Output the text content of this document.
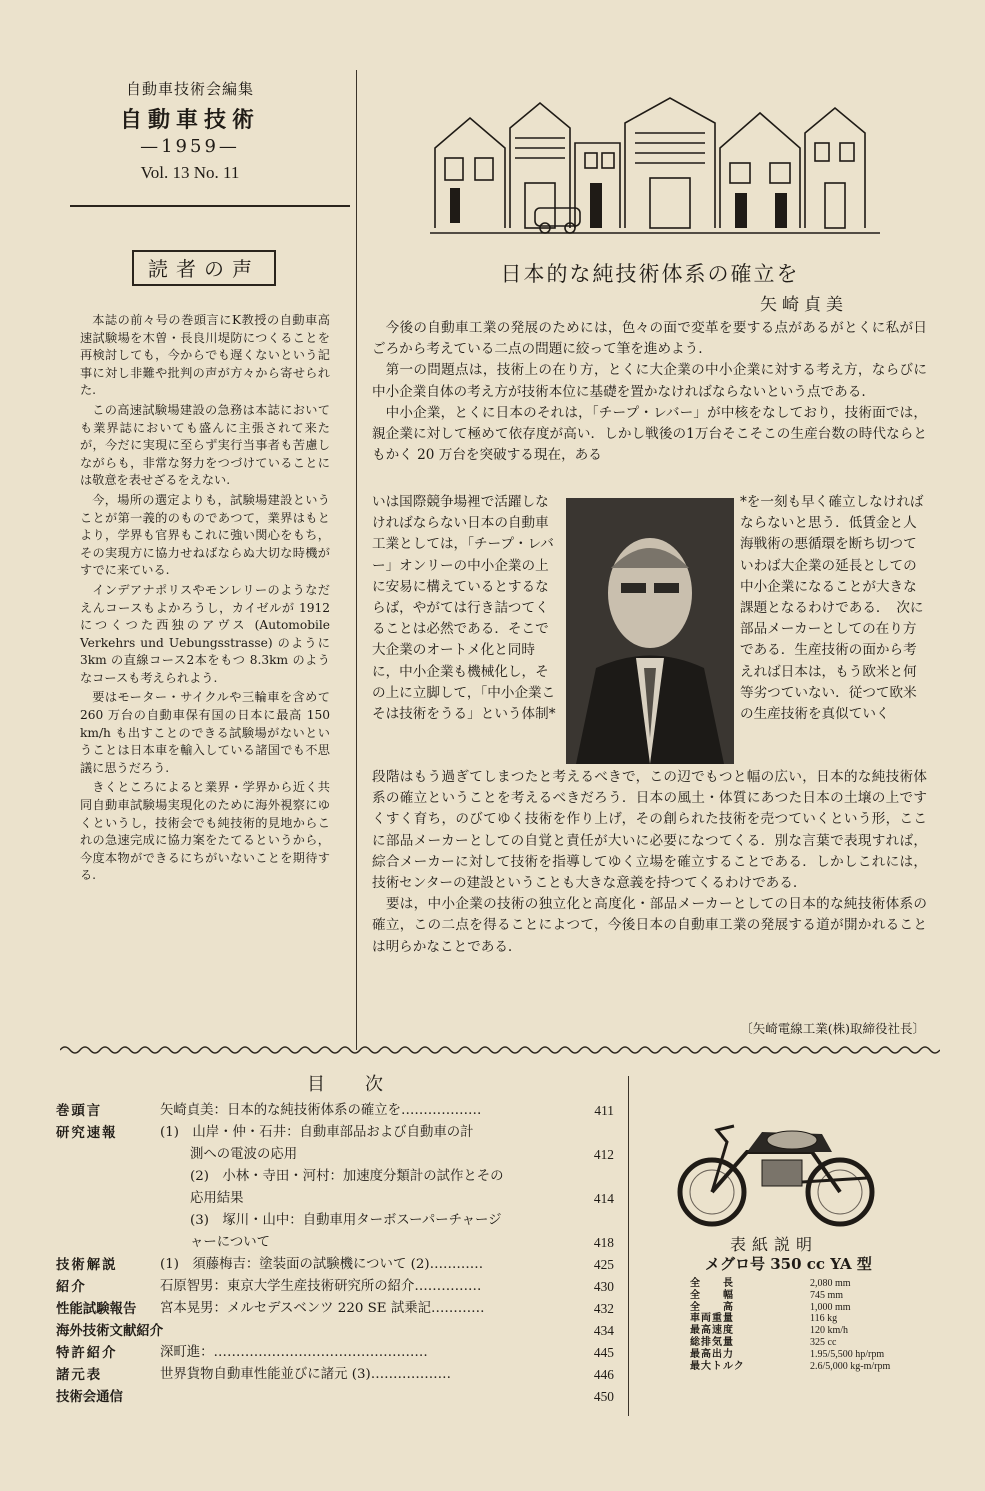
自動車技術会編集
自動車技術
—1959—
Vol. 13 No. 11
読者の声

本誌の前々号の巻頭言にK教授の自動車高速試験場を木曽・長良川堤防につくることを再検討しても，今からでも遅くないという記事に対し非難や批判の声が方々から寄せられた.

この高速試験場建設の急務は本誌においても業界誌においても盛んに主張されて来たが，今だに実現に至らず実行当事者も苦慮しながらも，非常な努力をつづけていることには敬意を表せざるをえない.

今，場所の選定よりも，試験場建設ということが第一義的のものであつて，業界はもとより，学界も官界もこれに強い関心をもち，その実現方に協力せねばならぬ大切な時機がすでに来ている.

インデアナポリスやモンレリーのようなだえんコースもよかろうし，カイゼルが 1912 につくつた西独のアヴス (Automobile Verkehrs und Uebungsstrasse) のように 3km の直線コース2本をもつ 8.3km のようなコースも考えられよう.

要はモーター・サイクルや三輪車を含めて 260 万台の自動車保有国の日本に最高 150 km/h も出すことのできる試験場がないということは日本車を輸入している諸国でも不思議に思うだろう.

きくところによると業界・学界から近く共同自動車試験場実現化のために海外視察にゆくというし，技術会でも純技術的見地からこれの急速完成に協力案をたてるというから，今度本物ができるにちがいないことを期待する.

日本的な純技術体系の確立を
矢崎貞美

今後の自動車工業の発展のためには，色々の面で変革を要する点があるがとくに私が日ごろから考えている二点の問題に絞って筆を進めよう.

第一の問題点は，技術上の在り方，とくに大企業の中小企業に対する考え方，ならびに中小企業自体の考え方が技術本位に基礎を置かなければならないという点である.

中小企業，とくに日本のそれは，「チープ・レバー」が中核をなしており，技術面では，親企業に対して極めて依存度が高い．しかし戦後の1万台そこそこの生産台数の時代ならともかく 20 万台を突破する現在，ある

いは国際競争場裡で活躍しなければならない日本の自動車工業としては，「チープ・レバー」オンリーの中小企業の上に安易に構えているとするならば，やがては行き詰つてくることは必然である．そこで大企業のオートメ化と同時に，中小企業も機械化し，その上に立脚して，「中小企業こそは技術をうる」という体制*
*を一刻も早く確立しなければならないと思う．低賃金と人海戦術の悪循環を断ち切つていわば大企業の延長としての中小企業になることが大きな課題となるわけである．　次に部品メーカーとしての在り方である．生産技術の面から考えれば日本は，もう欧米と何等劣つていない．従つて欧米の生産技術を真似ていく

段階はもう過ぎてしまつたと考えるべきで，この辺でもつと幅の広い，日本的な純技術体系の確立ということを考えるべきだろう．日本の風土・体質にあつた日本の土壌の上ですくすく育ち，のびてゆく技術を作り上げ，その創られた技術を売つていくという形，ここに部品メーカーとしての自覚と責任が大いに必要になつてくる．別な言葉で表現すれば，綜合メーカーに対して技術を指導してゆく立場を確立することである．しかしこれには，技術センターの建設ということも大きな意義を持つてくるわけである.

　要は，中小企業の技術の独立化と高度化・部品メーカーとしての日本的な純技術体系の確立，この二点を得ることによつて，今後日本の自動車工業の発展する道が開かれることは明らかなことである.

〔矢崎電線工業(株)取締役社長〕
目次
巻頭言	矢崎貞美：日本的な純技術体系の確立を………………	411
研究速報	(1)　山岸・仲・石井：自動車部品および自動車の計
測への電波の応用	412
(2)　小林・寺田・河村：加速度分類計の試作とその
応用結果	414
(3)　塚川・山中：自動車用ターボスーパーチャージ
ャーについて	418
技術解説	(1)　須藤梅吉：塗装面の試験機について (2)…………	425
紹介	石原智男：東京大学生産技術研究所の紹介……………	430
性能試験報告	宮本晃男：メルセデスベンツ 220 SE 試乗記…………	432
海外技術文献紹介	434
特許紹介	深町進：…………………………………………	445
諸元表	世界貨物自動車性能並びに諸元 (3)………………	446
技術会通信	450
表紙説明
メグロ号 350 cc YA 型
全　　長	2,080 mm
全　　幅	745 mm
全　　高	1,000 mm
車両重量	116 kg
最高速度	120 km/h
総排気量	325 cc
最高出力	1.95/5,500 hp/rpm
最大トルク	2.6/5,000 kg-m/rpm
